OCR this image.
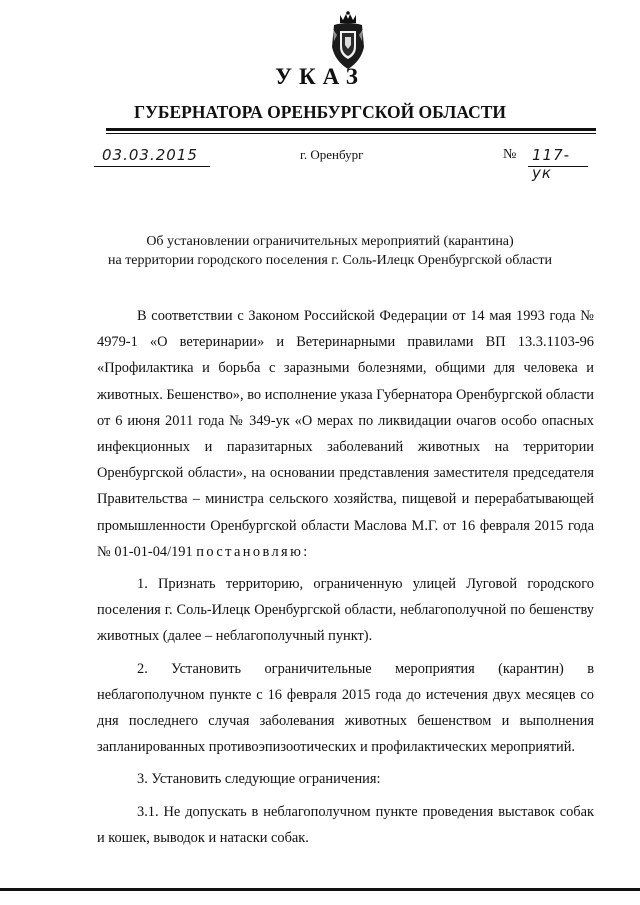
УКАЗ
ГУБЕРНАТОРА ОРЕНБУРГСКОЙ ОБЛАСТИ
03.03.2015	г. Оренбург	№ 117-ук
Об установлении ограничительных мероприятий (карантина)
на территории городского поселения г. Соль-Илецк Оренбургской области

В соответствии с Законом Российской Федерации от 14 мая 1993 года № 4979-1 «О ветеринарии» и Ветеринарными правилами ВП 13.3.1103-96 «Профилактика и борьба с заразными болезнями, общими для человека и животных. Бешенство», во исполнение указа Губернатора Оренбургской области от 6 июня 2011 года № 349-ук «О мерах по ликвидации очагов особо опасных инфекционных и паразитарных заболеваний животных на территории Оренбургской области», на основании представления заместителя председателя Правительства – министра сельского хозяйства, пищевой и перерабатывающей промышленности Оренбургской области Маслова М.Г. от 16 февраля 2015 года № 01-01-04/191 постановляю:

1. Признать территорию, ограниченную улицей Луговой городского поселения г. Соль-Илецк Оренбургской области, неблагополучной по бешенству животных (далее – неблагополучный пункт).

2. Установить ограничительные мероприятия (карантин) в неблагополучном пункте с 16 февраля 2015 года до истечения двух месяцев со дня последнего случая заболевания животных бешенством и выполнения запланированных противоэпизоотических и профилактических мероприятий.

3. Установить следующие ограничения:

3.1. Не допускать в неблагополучном пункте проведения выставок собак и кошек, выводок и натаски собак.
